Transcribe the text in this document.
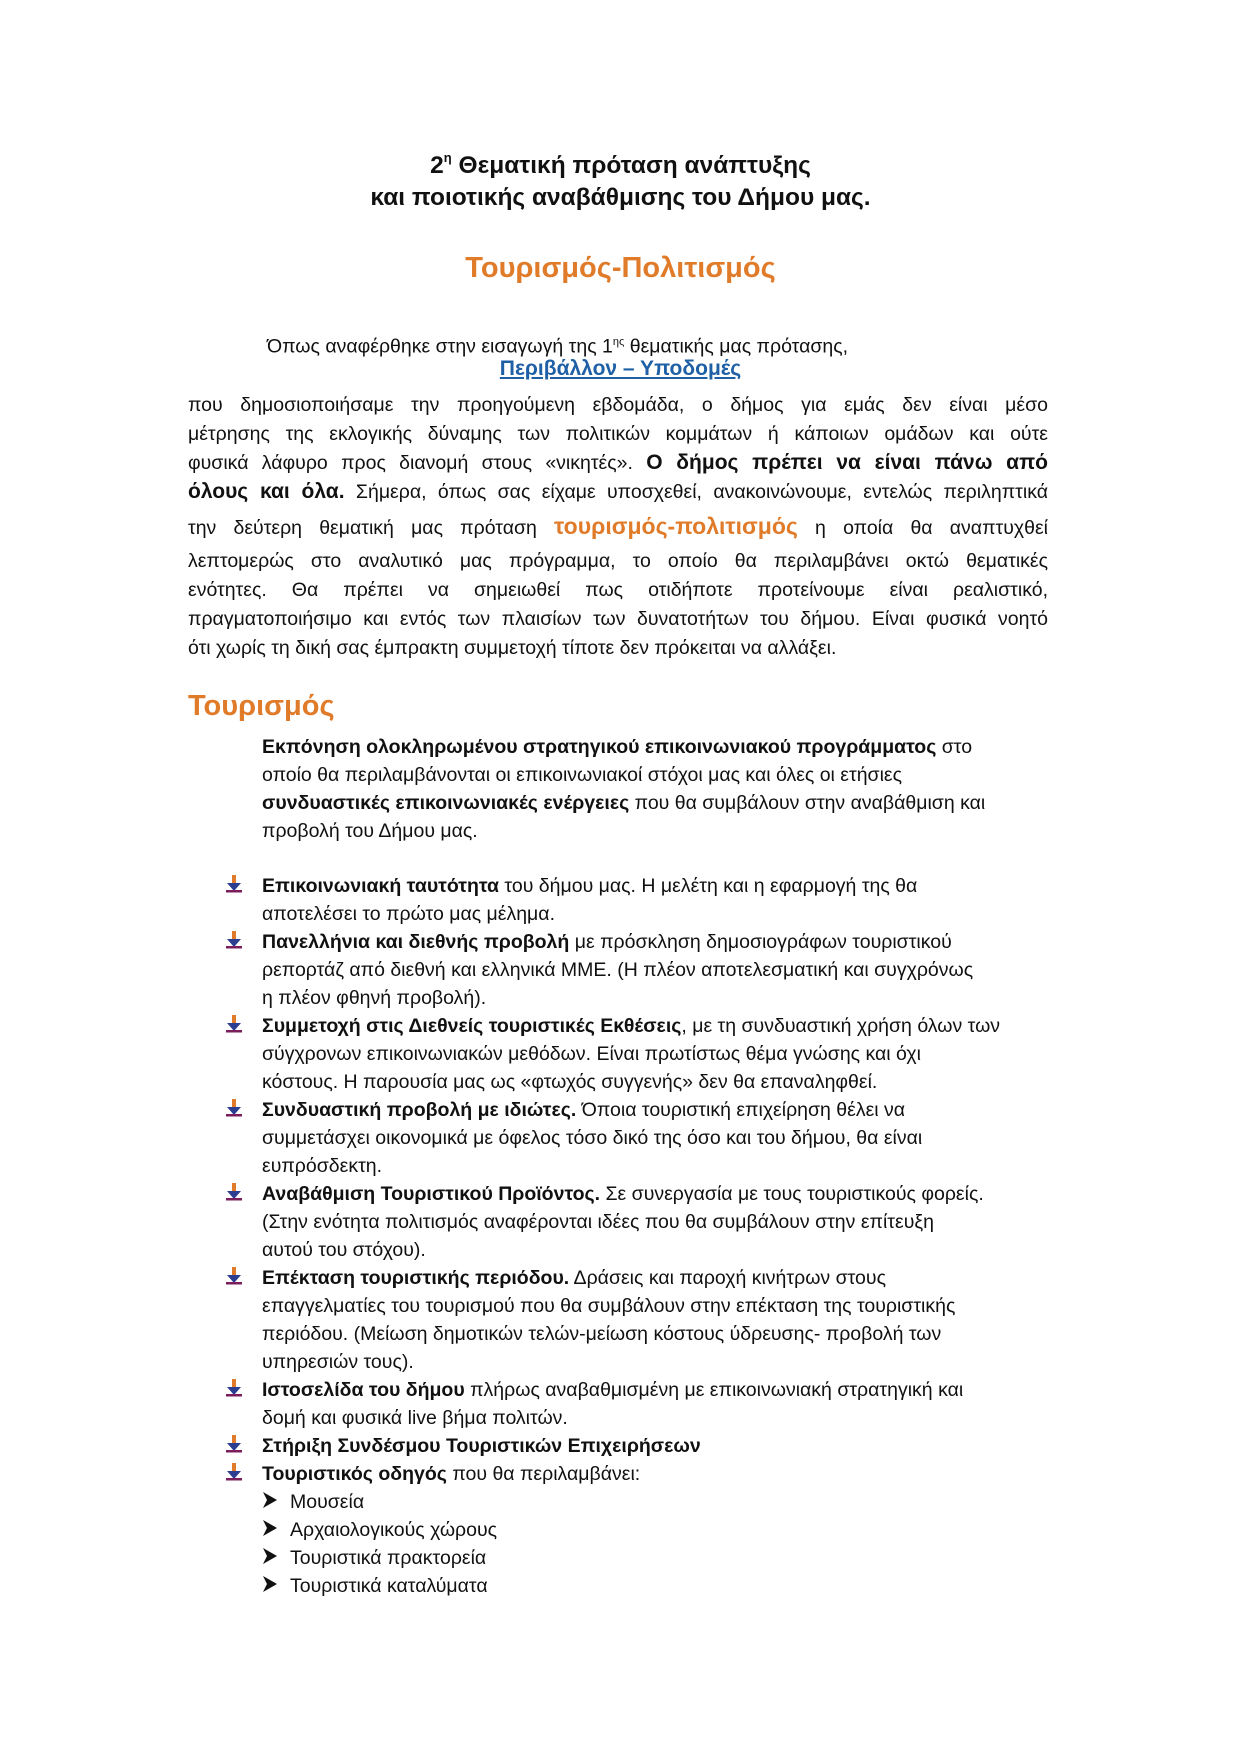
$2^\eta$ Θεματική πρόταση ανάπτυξης
και ποιοτικής αναβάθμισης του Δήμου μας.
Τουρισμός-Πολιτισμός
Όπως αναφέρθηκε στην εισαγωγή της $1^{\eta\varsigma}$ θεματικής μας πρότασης,
Περιβάλλον – Υποδομές
που δημοσιοποιήσαμε την προηγούμενη εβδομάδα, ο δήμος για εμάς δεν είναι μέσο
μέτρησης της εκλογικής δύναμης των πολιτικών κομμάτων ή κάποιων ομάδων και ούτε
φυσικά λάφυρο προς διανομή στους «νικητές». Ο δήμος πρέπει να είναι πάνω από
όλους και όλα. Σήμερα, όπως σας είχαμε υποσχεθεί, ανακοινώνουμε, εντελώς περιληπτικά
την δεύτερη θεματική μας πρόταση τουρισμός-πολιτισμός η οποία θα αναπτυχθεί
λεπτομερώς στο αναλυτικό μας πρόγραμμα, το οποίο θα περιλαμβάνει οκτώ θεματικές
ενότητες. Θα πρέπει να σημειωθεί πως οτιδήποτε προτείνουμε είναι ρεαλιστικό,
πραγματοποιήσιμο και εντός των πλαισίων των δυνατοτήτων του δήμου. Είναι φυσικά νοητό
ότι χωρίς τη δική σας έμπρακτη συμμετοχή τίποτε δεν πρόκειται να αλλάξει.
Τουρισμός
Εκπόνηση ολοκληρωμένου στρατηγικού επικοινωνιακού προγράμματος στο
οποίο θα περιλαμβάνονται οι επικοινωνιακοί στόχοι μας και όλες οι ετήσιες
συνδυαστικές επικοινωνιακές ενέργειες που θα συμβάλουν στην αναβάθμιση και
προβολή του Δήμου μας.
Επικοινωνιακή ταυτότητα του δήμου μας. Η μελέτη και η εφαρμογή της θα
αποτελέσει το πρώτο μας μέλημα.
Πανελλήνια και διεθνής προβολή με πρόσκληση δημοσιογράφων τουριστικού
ρεπορτάζ από διεθνή και ελληνικά ΜΜΕ. (Η πλέον αποτελεσματική και συγχρόνως
η πλέον φθηνή προβολή).
Συμμετοχή στις Διεθνείς τουριστικές Εκθέσεις, με τη συνδυαστική χρήση όλων των
σύγχρονων επικοινωνιακών μεθόδων. Είναι πρωτίστως θέμα γνώσης και όχι
κόστους. Η παρουσία μας ως «φτωχός συγγενής» δεν θα επαναληφθεί.
Συνδυαστική προβολή με ιδιώτες. Όποια τουριστική επιχείρηση θέλει να
συμμετάσχει οικονομικά με όφελος τόσο δικό της όσο και του δήμου, θα είναι
ευπρόσδεκτη.
Αναβάθμιση Τουριστικού Προϊόντος. Σε συνεργασία με τους τουριστικούς φορείς.
(Στην ενότητα πολιτισμός αναφέρονται ιδέες που θα συμβάλουν στην επίτευξη
αυτού του στόχου).
Επέκταση τουριστικής περιόδου. Δράσεις και παροχή κινήτρων στους
επαγγελματίες του τουρισμού που θα συμβάλουν στην επέκταση της τουριστικής
περιόδου. (Μείωση δημοτικών τελών-μείωση κόστους ύδρευσης- προβολή των
υπηρεσιών τους).
Ιστοσελίδα του δήμου πλήρως αναβαθμισμένη με επικοινωνιακή στρατηγική και
δομή και φυσικά live βήμα πολιτών.
Στήριξη Συνδέσμου Τουριστικών Επιχειρήσεων
Τουριστικός οδηγός που θα περιλαμβάνει:
Μουσεία
Αρχαιολογικούς χώρους
Τουριστικά πρακτορεία
Τουριστικά καταλύματα
